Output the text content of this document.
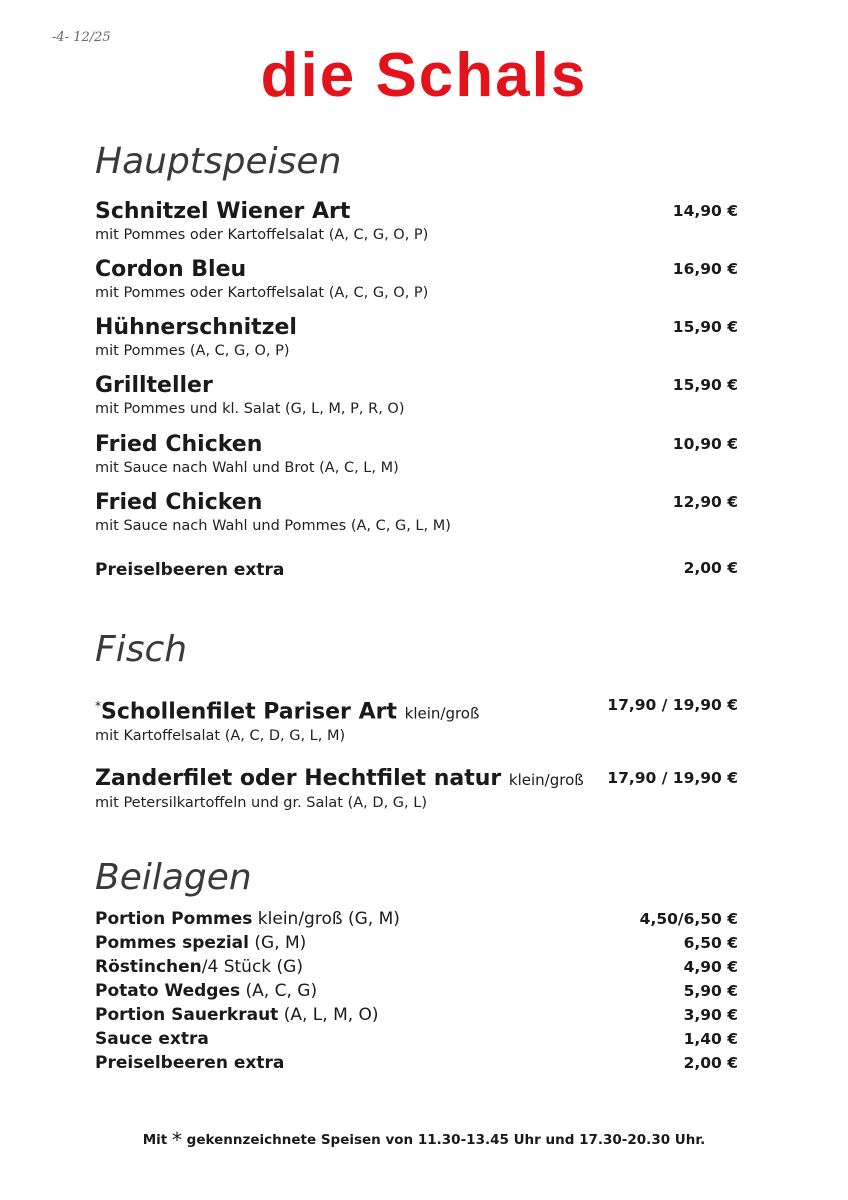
-4- 12/25
die Schals
Hauptspeisen
Schnitzel Wiener Art
mit Pommes oder Kartoffelsalat (A, C, G, O, P)
14,90 €
Cordon Bleu
mit Pommes oder Kartoffelsalat (A, C, G, O, P)
16,90 €
Hühnerschnitzel
mit Pommes (A, C, G, O, P)
15,90 €
Grillteller
mit Pommes und kl. Salat (G, L, M, P, R, O)
15,90 €
Fried Chicken
mit Sauce nach Wahl und Brot (A, C, L, M)
10,90 €
Fried Chicken
mit Sauce nach Wahl und Pommes (A, C, G, L, M)
12,90 €
Preiselbeeren extra	2,00 €
Fisch
*Schollenfilet Pariser Art klein/groß
mit Kartoffelsalat (A, C, D, G, L, M)
17,90 / 19,90 €
Zanderfilet oder Hechtfilet natur klein/groß
mit Petersilkartoffeln und gr. Salat (A, D, G, L)
17,90 / 19,90 €
Beilagen
Portion Pommes klein/groß (G, M)	4,50/6,50 €
Pommes spezial (G, M)	6,50 €
Röstinchen/4 Stück (G)	4,90 €
Potato Wedges (A, C, G)	5,90 €
Portion Sauerkraut (A, L, M, O)	3,90 €
Sauce extra	1,40 €
Preiselbeeren extra	2,00 €
Mit * gekennzeichnete Speisen von 11.30-13.45 Uhr und 17.30-20.30 Uhr.
